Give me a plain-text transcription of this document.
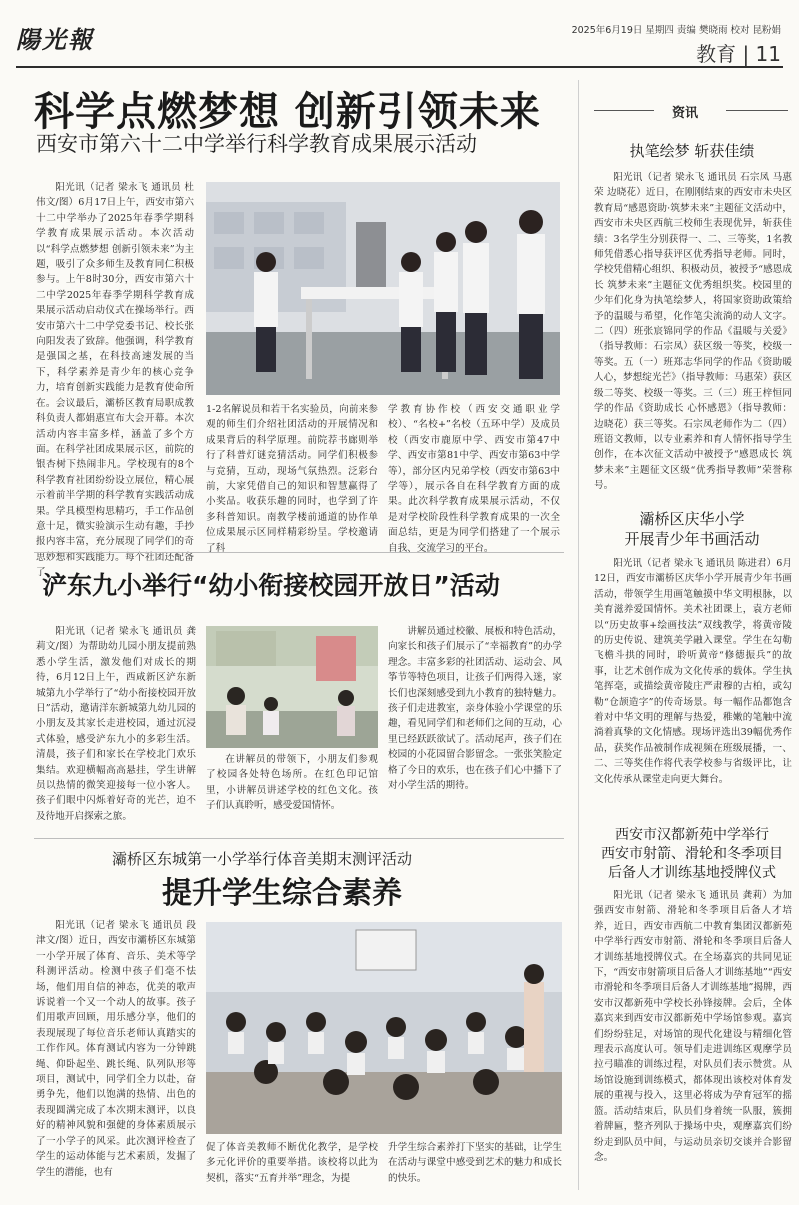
陽光報	2025年6月19日 星期四 责编 樊晓雨 校对 昆粉娟
教育 | 11
科学点燃梦想 创新引领未来
西安市第六十二中学举行科学教育成果展示活动
阳光讯（记者 梁永飞 通讯员 杜伟文/图）6月17日上午，西安市第六十二中学举办了2025年春季学期科学教育成果展示活动。本次活动以“科学点燃梦想 创新引领未来”为主题，吸引了众多师生及教育同仁积极参与。上午8时30分，西安市第六十二中学2025年春季学期科学教育成果展示活动启动仪式在操场举行。西安市第六十二中学党委书记、校长张向阳发表了致辞。他强调，科学教育是强国之基，在科技高速发展的当下，科学素养是青少年的核心竞争力，培育创新实践能力是教育使命所在。会议最后，灞桥区教育局职成教科负责人都娟惠宣布大会开幕。本次活动内容丰富多样，涵盖了多个方面。在科学社团成果展示区，前院的银杏树下热闹非凡。学校现有的8个科学教育社团纷纷设立展位，精心展示着前半学期的科学教育实践活动成果。学具模型构思精巧，手工作品创意十足，微实验演示生动有趣，手抄报内容丰富，充分展现了同学们的奇思妙想和实践能力。每个社团还配备了
1-2名解说员和若干名实验员，向前来参观的师生们介绍社团活动的开展情况和成果背后的科学原理。前院荐书廊则举行了科普灯谜竞猜活动。同学们积极参与竞猜，互动，现场气氛热烈。泛彩台前，大家凭借自己的知识和智慧赢得了小奖品。收获乐趣的同时，也学到了许多科普知识。南教学楼前通道的协作单位成果展示区同样精彩纷呈。学校邀请了科
学教育协作校（西安交通职业学校）、“名校+”名校（五环中学）及成员校（西安市鹿原中学、西安市第47中学、西安市第81中学、西安市第63中学等），部分区内兄弟学校（西安市第63中学等），展示各自在科学教育方面的成果。此次科学教育成果展示活动，不仅是对学校阶段性科学教育成果的一次全面总结，更是为同学们搭建了一个展示自我、交流学习的平台。
浐东九小举行“幼小衔接校园开放日”活动
阳光讯（记者 梁永飞 通讯员 龚莉文/图）为帮助幼儿园小朋友提前熟悉小学生活，激发他们对成长的期待，6月12日上午，西咸新区浐东新城第九小学举行了“幼小衔接校园开放日”活动，邀请洋东新城第九幼儿园的小朋友及其家长走进校园，通过沉浸式体验，感受浐东九小的多彩生活。清晨，孩子们和家长在学校北门欢乐集结。欢迎横幅高高悬挂，学生讲解员以热情的微笑迎接每一位小客人。孩子们眼中闪烁着好奇的光芒，迫不及待地开启探索之旅。
在讲解员的带领下，小朋友们参观了校园各处特色场所。在红色印记馆里，小讲解员讲述学校的红色文化。孩子们认真聆听，感受爱国情怀。
讲解员通过校徽、展板和特色活动，向家长和孩子们展示了“幸福教育”的办学理念。丰富多彩的社团活动、运动会、风筝节等特色项目，让孩子们两得入迷，家长们也深刻感受到九小教育的独特魅力。孩子们走进教室，亲身体验小学课堂的乐趣，看见同学们和老师们之间的互动，心里已经跃跃欲试了。活动尾声，孩子们在校园的小花园留合影留念。一张张笑脸定格了今日的欢乐，也在孩子们心中播下了对小学生活的期待。
灞桥区东城第一小学举行体音美期末测评活动
提升学生综合素养
阳光讯（记者 梁永飞 通讯员 段津文/图）近日，西安市灞桥区东城第一小学开展了体育、音乐、美术等学科测评活动。检测中孩子们毫不怯场，他们用自信的神态，优美的歌声诉说着一个又一个动人的故事。孩子们用歌声回顾，用乐感分享，他们的表现展现了每位音乐老师认真踏实的工作作风。体育测试内容为一分钟跳绳、仰卧起坐、跳长绳、队列队形等项目，测试中，同学们全力以赴，奋勇争先，他们以饱满的热情、出色的表现圆满完成了本次期末测评，以良好的精神风貌和强健的身体素质展示了一小学子的风采。此次测评检查了学生的运动体能与艺术素质，发掘了学生的潜能，也有
促了体音美教师不断优化教学，是学校多元化评价的重要举措。该校将以此为契机，落实“五育并举”理念，为提
升学生综合素养打下坚实的基础，让学生在活动与课堂中感受到艺术的魅力和成长的快乐。
资讯
执笔绘梦 斩获佳绩
阳光讯（记者 梁永飞 通讯员 石宗凤 马惠荣 边晓花）近日，在刚刚结束的西安市未央区教育局“感恩资助·筑梦未来”主题征文活动中，西安市未央区西航三校师生表现优异，斩获佳绩：3名学生分别获得一、二、三等奖，1名教师凭借悉心指导获评区优秀指导老师。同时，学校凭借精心组织、积极动员，被授予“感恩成长 筑梦未来”主题征文优秀组织奖。校园里的少年们化身为执笔绘梦人，将国家资助政策给予的温暖与希望，化作笔尖流淌的动人文字。二（四）班张宸锦同学的作品《温暖与关爱》（指导教师：石宗凤）获区级一等奖，校级一等奖。五（一）班郑志华同学的作品《资助暖人心，梦想绽光芒》（指导教师：马惠荣）获区级二等奖、校级一等奖。三（三）班王梓恒同学的作品《资助成长 心怀感恩》（指导教师：边晓花）获三等奖。石宗凤老师作为二（四）班语文教师，以专业素养和育人情怀指导学生创作，在本次征文活动中被授予“感恩成长 筑梦未来”主题征文区级“优秀指导教师”荣誉称号。
灞桥区庆华小学
开展青少年书画活动
阳光讯（记者 梁永飞 通讯员 陈进君）6月12日，西安市灞桥区庆华小学开展青少年书画活动，带领学生用画笔触摸中华文明根脉，以美育滋养爱国情怀。美术社团课上，袁方老师以“历史故事+绘画技法”双线教学，将黄帝陵的历史传说、建筑美学融入课堂。学生在勾勒飞檐斗拱的同时，聆听黄帝“修德振兵”的故事，让艺术创作成为文化传承的载体。学生执笔挥毫，或描绘黄帝陵庄严肃穆的古柏，或勾勒“仓颉造字”的传奇场景。每一幅作品都饱含着对中华文明的理解与热爱，稚嫩的笔触中流淌着真挚的文化情感。现场评选出39幅优秀作品，获奖作品被制作成视频在班级展播，一、二、三等奖佳作将代表学校参与省级评比，让文化传承从课堂走向更大舞台。
西安市汉都新苑中学举行
西安市射箭、滑轮和冬季项目
后备人才训练基地授牌仪式
阳光讯（记者 梁永飞 通讯员 龚莉）为加强西安市射箭、滑轮和冬季项目后备人才培养，近日，西安市西航二中教育集团汉都新苑中学举行西安市射箭、滑轮和冬季项目后备人才训练基地授牌仪式。在全场嘉宾的共同见证下，“西安市射箭项目后备人才训练基地”“西安市滑轮和冬季项目后备人才训练基地”揭牌，西安市汉都新苑中学校长孙锋接牌。会后，全体嘉宾来到西安市汉都新苑中学场馆参观。嘉宾们纷纷驻足，对场馆的现代化建设与精细化管理表示高度认可。领导们走进训练区观摩学员拉弓瞄准的训练过程，对队员们表示赞赏。从场馆设施到训练模式，都体现出该校对体育发展的重视与投入，这里必将成为孕育冠军的摇篮。活动结束后，队员们身着统一队服，簇拥着牌匾，整齐列队于操场中央，观摩嘉宾们纷纷走到队员中间，与运动员亲切交谈并合影留念。
